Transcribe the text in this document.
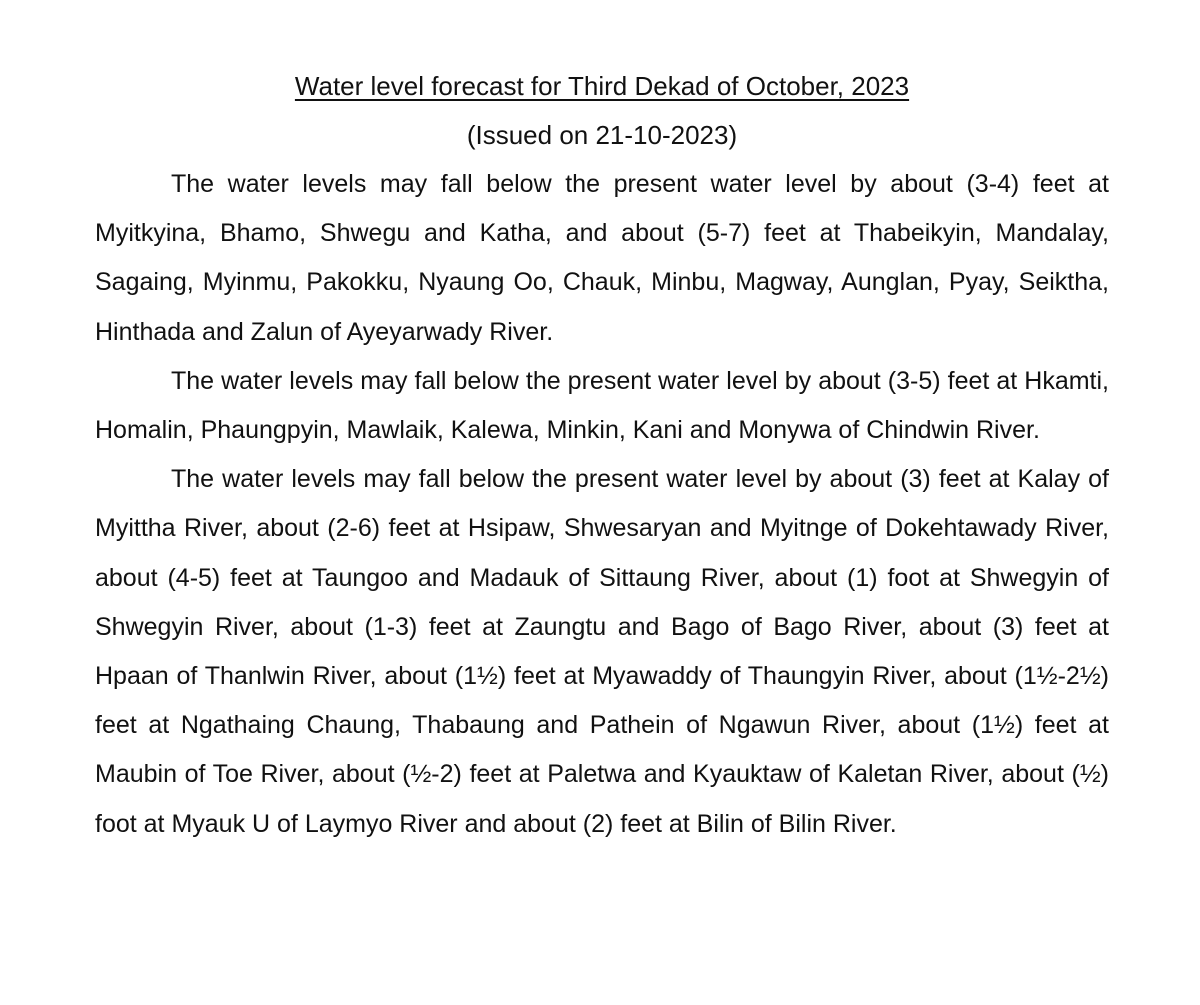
Water level forecast for Third Dekad of October, 2023

(Issued on 21-10-2023)

The water levels may fall below the present water level by about (3-4) feet at Myitkyina, Bhamo, Shwegu and Katha, and about (5-7) feet at Thabeikyin, Mandalay, Sagaing, Myinmu, Pakokku, Nyaung Oo, Chauk, Minbu, Magway, Aunglan, Pyay, Seiktha, Hinthada and Zalun of Ayeyarwady River.

The water levels may fall below the present water level by about (3-5) feet at Hkamti, Homalin, Phaungpyin, Mawlaik, Kalewa, Minkin, Kani and Monywa of Chindwin River.

The water levels may fall below the present water level by about (3) feet at Kalay of Myittha River, about (2-6) feet at Hsipaw, Shwesaryan and Myitnge of Dokehtawady River, about (4-5) feet at Taungoo and Madauk of Sittaung River, about (1) foot at Shwegyin of Shwegyin River, about (1-3) feet at Zaungtu and Bago of Bago River, about (3) feet at Hpaan of Thanlwin River, about (1½) feet at Myawaddy of Thaungyin River, about (1½-2½) feet at Ngathaing Chaung, Thabaung and Pathein of Ngawun River, about (1½) feet at Maubin of Toe River, about (½-2) feet at Paletwa and Kyauktaw of Kaletan River, about (½) foot at Myauk U of Laymyo River and about (2) feet at Bilin of Bilin River.
